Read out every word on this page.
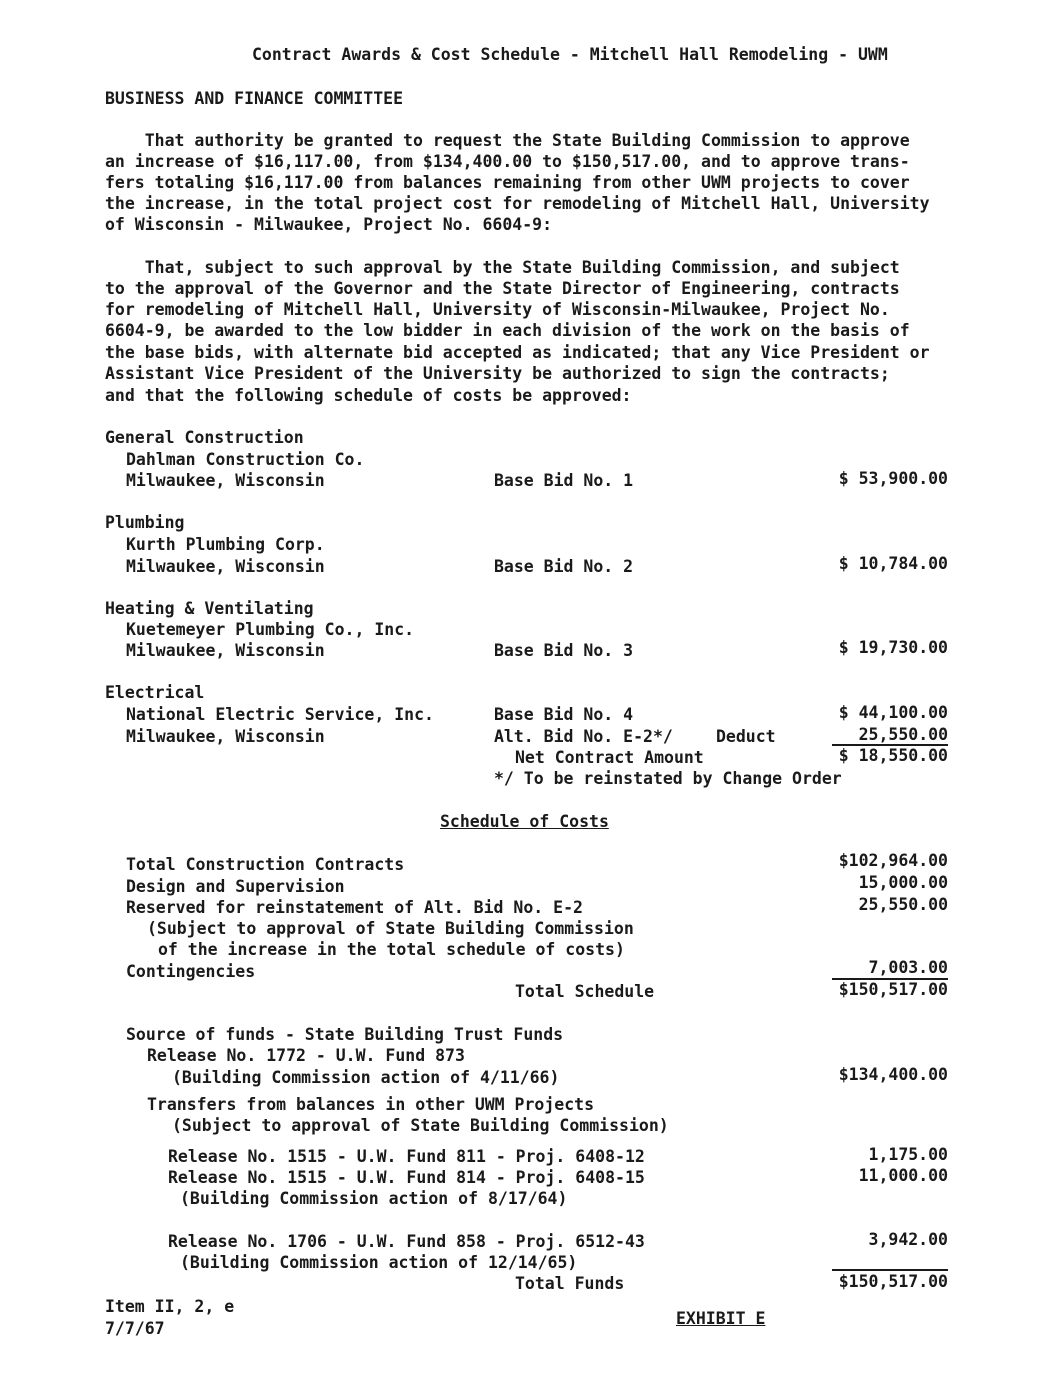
Contract Awards & Cost Schedule - Mitchell Hall Remodeling - UWM
BUSINESS AND FINANCE COMMITTEE
That authority be granted to request the State Building Commission to approve
an increase of $16,117.00, from $134,400.00 to $150,517.00, and to approve trans-
fers totaling $16,117.00 from balances remaining from other UWM projects to cover
the increase, in the total project cost for remodeling of Mitchell Hall, University
of Wisconsin - Milwaukee, Project No. 6604-9:
That, subject to such approval by the State Building Commission, and subject
to the approval of the Governor and the State Director of Engineering, contracts
for remodeling of Mitchell Hall, University of Wisconsin-Milwaukee, Project No.
6604-9, be awarded to the low bidder in each division of the work on the basis of
the base bids, with alternate bid accepted as indicated; that any Vice President or
Assistant Vice President of the University be authorized to sign the contracts;
and that the following schedule of costs be approved:
General Construction
Dahlman Construction Co.
Milwaukee, Wisconsin	Base Bid No. 1	$ 53,900.00
Plumbing
Kurth Plumbing Corp.
Milwaukee, Wisconsin	Base Bid No. 2	$ 10,784.00
Heating & Ventilating
Kuetemeyer Plumbing Co., Inc.
Milwaukee, Wisconsin	Base Bid No. 3	$ 19,730.00
Electrical
National Electric Service, Inc.	Base Bid No. 4	$ 44,100.00
Milwaukee, Wisconsin	Alt. Bid No. E-2*/	Deduct	25,550.00
Net Contract Amount	$ 18,550.00
*/ To be reinstated by Change Order
Schedule of Costs
Total Construction Contracts	$102,964.00
Design and Supervision	15,000.00
Reserved for reinstatement of Alt. Bid No. E-2	25,550.00
(Subject to approval of State Building Commission
of the increase in the total schedule of costs)
Contingencies	7,003.00
Total Schedule	$150,517.00
Source of funds - State Building Trust Funds
Release No. 1772 - U.W. Fund 873
(Building Commission action of 4/11/66)	$134,400.00
Transfers from balances in other UWM Projects
(Subject to approval of State Building Commission)
Release No. 1515 - U.W. Fund 811 - Proj. 6408-12	1,175.00
Release No. 1515 - U.W. Fund 814 - Proj. 6408-15	11,000.00
(Building Commission action of 8/17/64)
Release No. 1706 - U.W. Fund 858 - Proj. 6512-43	3,942.00
(Building Commission action of 12/14/65)
Total Funds	$150,517.00
Item II, 2, e
7/7/67
EXHIBIT E
